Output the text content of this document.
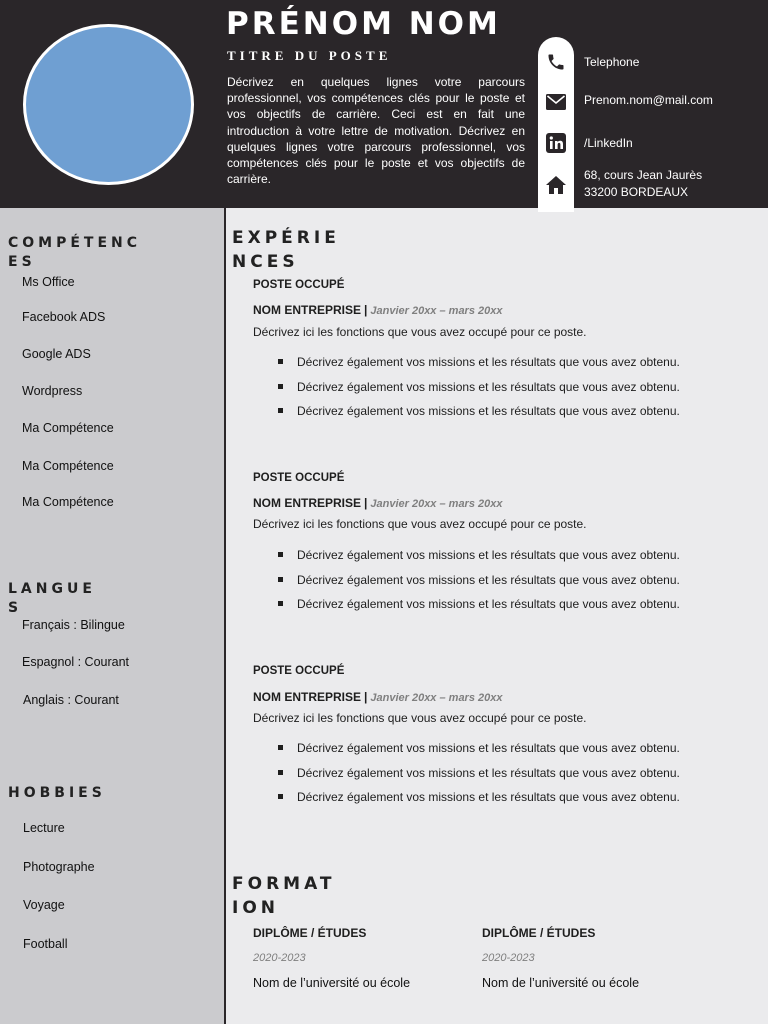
PRÉNOM NOM
TITRE DU POSTE
Décrivez en quelques lignes votre parcours professionnel, vos compétences clés pour le poste et vos objectifs de carrière. Ceci est en fait une introduction à votre lettre de motivation. Décrivez en quelques lignes votre parcours professionnel, vos compétences clés pour le poste et vos objectifs de carrière.
Telephone
Prenom.nom@mail.com
/LinkedIn
68, cours Jean Jaurès
33200 BORDEAUX
COMPÉTENCES
Ms Office
Facebook ADS
Google ADS
Wordpress
Ma Compétence
Ma Compétence
Ma Compétence
LANGUES
Français : Bilingue
Espagnol : Courant
Anglais : Courant
HOBBIES
Lecture
Photographe
Voyage
Football
EXPÉRIENCES
POSTE OCCUPÉ
NOM ENTREPRISE | Janvier 20xx – mars 20xx
Décrivez ici les fonctions que vous avez occupé pour ce poste.
Décrivez également vos missions et les résultats que vous avez obtenu.
Décrivez également vos missions et les résultats que vous avez obtenu.
Décrivez également vos missions et les résultats que vous avez obtenu.
POSTE OCCUPÉ
NOM ENTREPRISE | Janvier 20xx – mars 20xx
Décrivez ici les fonctions que vous avez occupé pour ce poste.
Décrivez également vos missions et les résultats que vous avez obtenu.
Décrivez également vos missions et les résultats que vous avez obtenu.
Décrivez également vos missions et les résultats que vous avez obtenu.
POSTE OCCUPÉ
NOM ENTREPRISE | Janvier 20xx – mars 20xx
Décrivez ici les fonctions que vous avez occupé pour ce poste.
Décrivez également vos missions et les résultats que vous avez obtenu.
Décrivez également vos missions et les résultats que vous avez obtenu.
Décrivez également vos missions et les résultats que vous avez obtenu.
FORMATION
DIPLÔME / ÉTUDES
2020-2023
Nom de l’université ou école
DIPLÔME / ÉTUDES
2020-2023
Nom de l’université ou école
